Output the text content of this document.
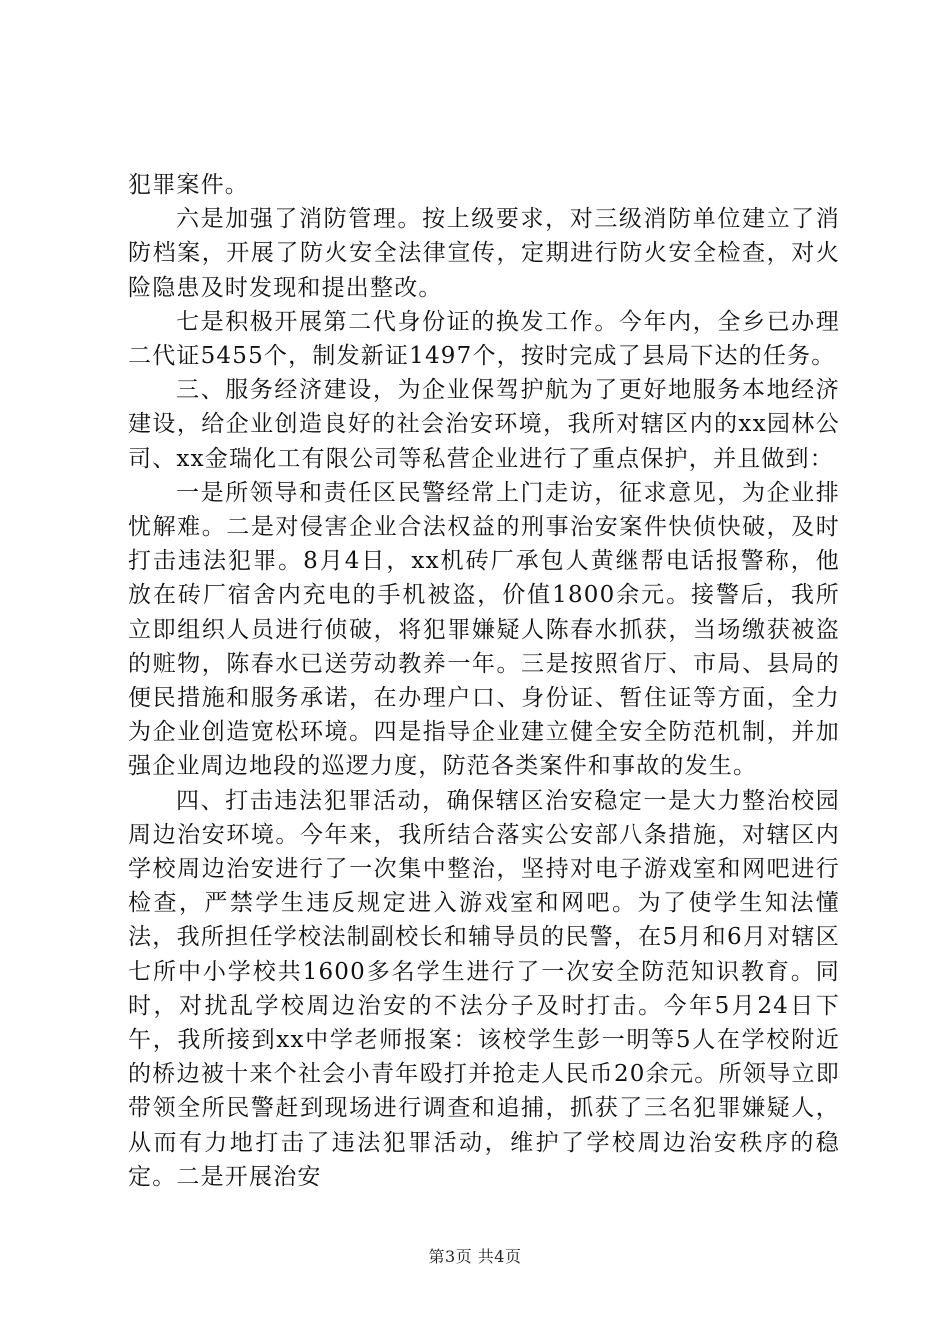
犯罪案件。

六是加强了消防管理。按上级要求，对三级消防单位建立了消防档案，开展了防火安全法律宣传，定期进行防火安全检查，对火险隐患及时发现和提出整改。

七是积极开展第二代身份证的换发工作。今年内，全乡已办理二代证5455个，制发新证1497个，按时完成了县局下达的任务。

三、服务经济建设，为企业保驾护航为了更好地服务本地经济建设，给企业创造良好的社会治安环境，我所对辖区内的xx园林公司、xx金瑞化工有限公司等私营企业进行了重点保护，并且做到：

一是所领导和责任区民警经常上门走访，征求意见，为企业排忧解难。二是对侵害企业合法权益的刑事治安案件快侦快破，及时打击违法犯罪。8月4日，xx机砖厂承包人黄继帮电话报警称，他放在砖厂宿舍内充电的手机被盗，价值1800余元。接警后，我所立即组织人员进行侦破，将犯罪嫌疑人陈春水抓获，当场缴获被盗的赃物，陈春水已送劳动教养一年。三是按照省厅、市局、县局的便民措施和服务承诺，在办理户口、身份证、暂住证等方面，全力为企业创造宽松环境。四是指导企业建立健全安全防范机制，并加强企业周边地段的巡逻力度，防范各类案件和事故的发生。

四、打击违法犯罪活动，确保辖区治安稳定一是大力整治校园周边治安环境。今年来，我所结合落实公安部八条措施，对辖区内学校周边治安进行了一次集中整治，坚持对电子游戏室和网吧进行检查，严禁学生违反规定进入游戏室和网吧。为了使学生知法懂法，我所担任学校法制副校长和辅导员的民警，在5月和6月对辖区七所中小学校共1600多名学生进行了一次安全防范知识教育。同时，对扰乱学校周边治安的不法分子及时打击。今年5月24日下午，我所接到xx中学老师报案：该校学生彭一明等5人在学校附近的桥边被十来个社会小青年殴打并抢走人民币20余元。所领导立即带领全所民警赶到现场进行调查和追捕，抓获了三名犯罪嫌疑人，从而有力地打击了违法犯罪活动，维护了学校周边治安秩序的稳定。二是开展治安

第3页 共4页
